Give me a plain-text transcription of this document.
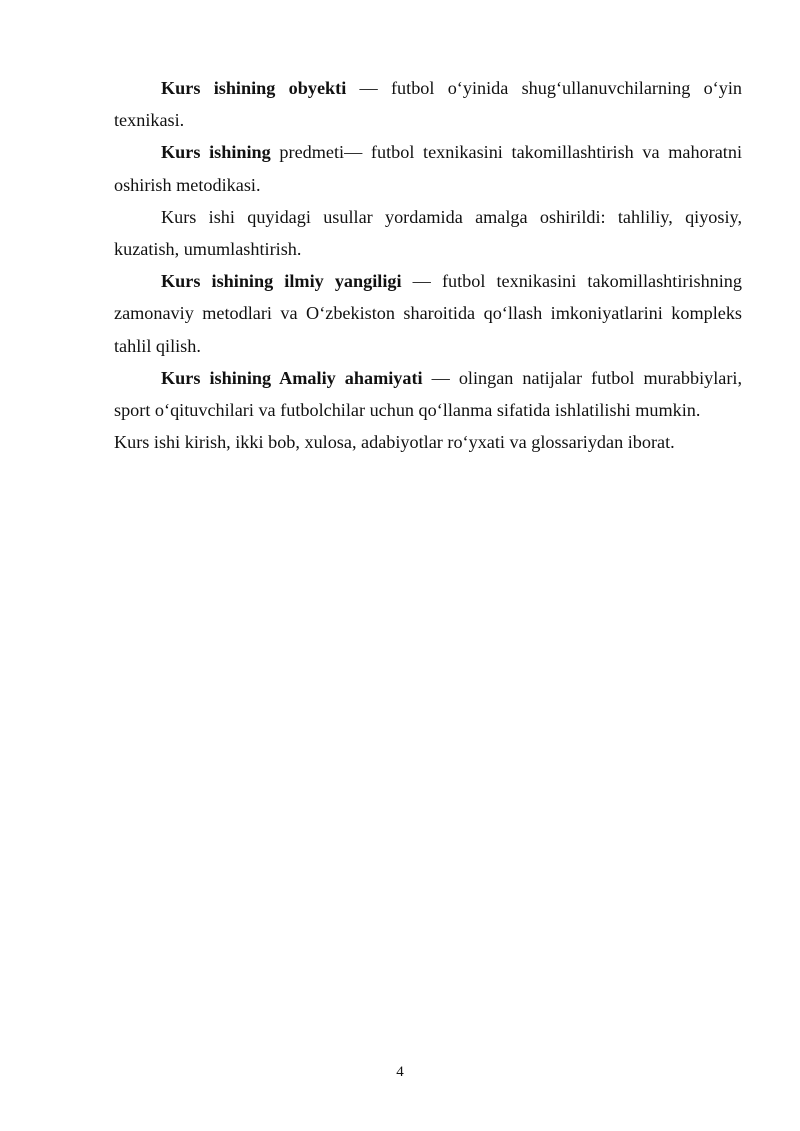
Kurs ishining obyekti — futbol o‘yinida shug‘ullanuvchilarning o‘yin texnikasi.

Kurs ishining predmeti— futbol texnikasini takomillashtirish va mahoratni oshirish metodikasi.

Kurs ishi quyidagi usullar yordamida amalga oshirildi: tahliliy, qiyosiy, kuzatish, umumlashtirish.

Kurs ishining ilmiy yangiligi — futbol texnikasini takomillashtirishning zamonaviy metodlari va O‘zbekiston sharoitida qo‘llash imkoniyatlarini kompleks tahlil qilish.

Kurs ishining Amaliy ahamiyati — olingan natijalar futbol murabbiylari, sport o‘qituvchilari va futbolchilar uchun qo‘llanma sifatida ishlatilishi mumkin.

Kurs ishi kirish, ikki bob, xulosa, adabiyotlar ro‘yxati va glossariydan iborat.

4
